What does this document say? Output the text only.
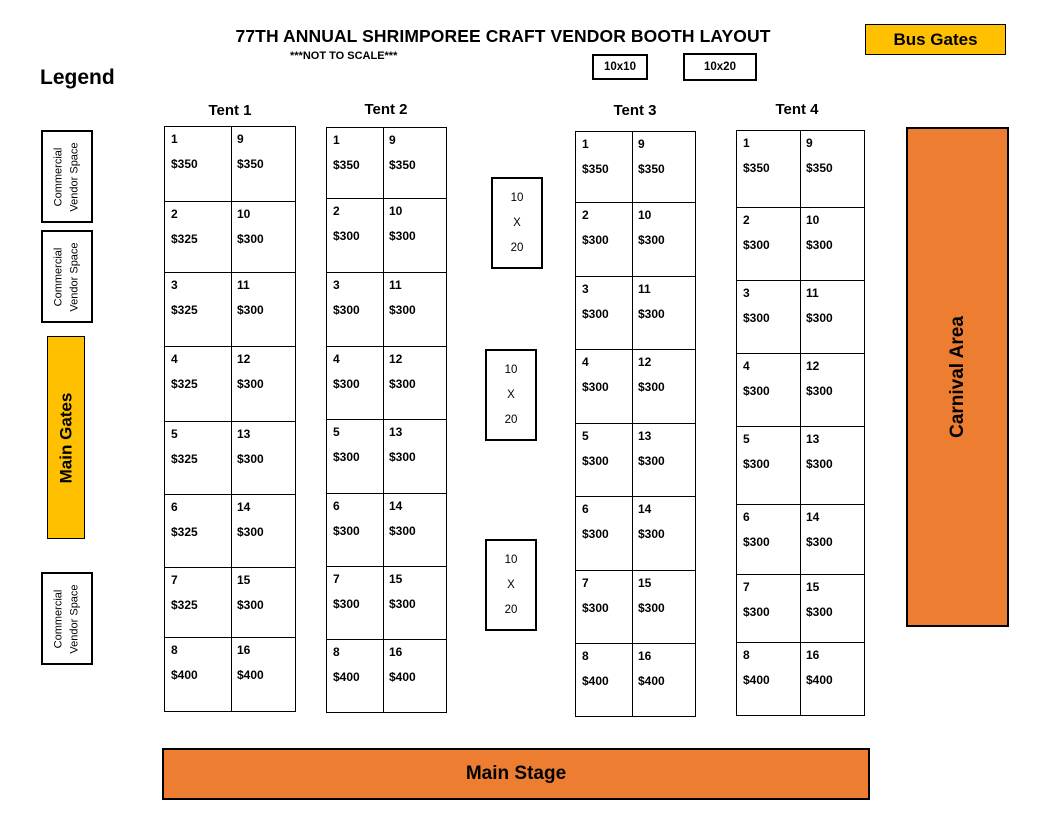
77TH ANNUAL SHRIMPOREE CRAFT VENDOR BOOTH LAYOUT
***NOT TO SCALE***
Legend	10x10	10x20
Bus Gates
Commercial Vendor Space
Commercial Vendor Space
Commercial Vendor Space
Main Gates
Tent 1
1
$350
9
$350
2
$325
10
$300
3
$325
11
$300
4
$325
12
$300
5
$325
13
$300
6
$325
14
$300
7
$325
15
$300
8
$400
16
$400
Tent 2
1
$350
9
$350
2
$300
10
$300
3
$300
11
$300
4
$300
12
$300
5
$300
13
$300
6
$300
14
$300
7
$300
15
$300
8
$400
16
$400
Tent 3
1
$350
9
$350
2
$300
10
$300
3
$300
11
$300
4
$300
12
$300
5
$300
13
$300
6
$300
14
$300
7
$300
15
$300
8
$400
16
$400
Tent 4
1
$350
9
$350
2
$300
10
$300
3
$300
11
$300
4
$300
12
$300
5
$300
13
$300
6
$300
14
$300
7
$300
15
$300
8
$400
16
$400
10
X
20
10
X
20
10
X
20
Carnival Area
Main Stage
